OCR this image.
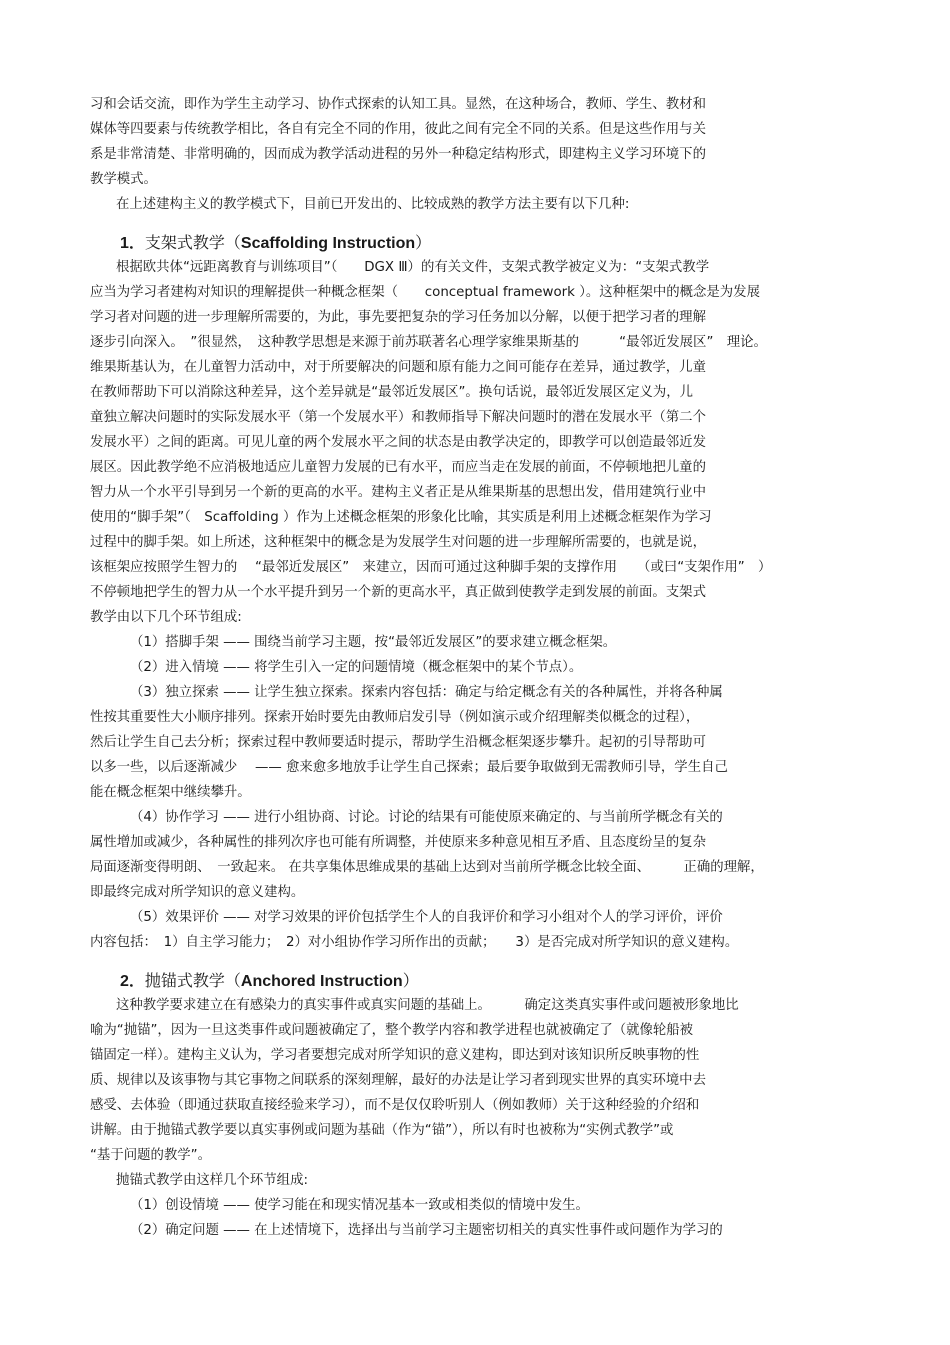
习和会话交流，即作为学生主动学习、协作式探索的认知工具。显然，在这种场合，教师、学生、教材和

媒体等四要素与传统教学相比，各自有完全不同的作用，彼此之间有完全不同的关系。但是这些作用与关

系是非常清楚、非常明确的，因而成为教学活动进程的另外一种稳定结构形式，即建构主义学习环境下的

教学模式。

在上述建构主义的教学模式下，目前已开发出的、比较成熟的教学方法主要有以下几种:

1．支架式教学（Scaffolding Instruction）

根据欧共体“远距离教育与训练项目”（　　DGX Ⅲ）的有关文件，支架式教学被定义为：“支架式教学

应当为学习者建构对知识的理解提供一种概念框架（　　conceptual framework ）。这种框架中的概念是为发展

学习者对问题的进一步理解所需要的，为此，事先要把复杂的学习任务加以分解，以便于把学习者的理解

逐步引向深入。　”很显然，　这种教学思想是来源于前苏联著名心理学家维果斯基的　　　“最邻近发展区”　理论。

维果斯基认为，在儿童智力活动中，对于所要解决的问题和原有能力之间可能存在差异，通过教学，儿童

在教师帮助下可以消除这种差异，这个差异就是“最邻近发展区”。换句话说，最邻近发展区定义为，儿

童独立解决问题时的实际发展水平（第一个发展水平）和教师指导下解决问题时的潜在发展水平（第二个

发展水平）之间的距离。可见儿童的两个发展水平之间的状态是由教学决定的，即教学可以创造最邻近发

展区。因此教学绝不应消极地适应儿童智力发展的已有水平，而应当走在发展的前面，不停顿地把儿童的

智力从一个水平引导到另一个新的更高的水平。建构主义者正是从维果斯基的思想出发，借用建筑行业中

使用的“脚手架”（　Scaffolding ）作为上述概念框架的形象化比喻，其实质是利用上述概念框架作为学习

过程中的脚手架。如上所述，这种框架中的概念是为发展学生对问题的进一步理解所需要的，也就是说，

该框架应按照学生智力的　 “最邻近发展区”　来建立，因而可通过这种脚手架的支撑作用　　（或曰“支架作用”　）

不停顿地把学生的智力从一个水平提升到另一个新的更高水平，真正做到使教学走到发展的前面。支架式

教学由以下几个环节组成:

（1）搭脚手架 —— 围绕当前学习主题，按“最邻近发展区”的要求建立概念框架。

（2）进入情境 —— 将学生引入一定的问题情境（概念框架中的某个节点）。

（3）独立探索 —— 让学生独立探索。探索内容包括：确定与给定概念有关的各种属性，并将各种属

性按其重要性大小顺序排列。探索开始时要先由教师启发引导（例如演示或介绍理解类似概念的过程），

然后让学生自己去分析；探索过程中教师要适时提示，帮助学生沿概念框架逐步攀升。起初的引导帮助可

以多一些，以后逐渐减少　 —— 愈来愈多地放手让学生自己探索；最后要争取做到无需教师引导，学生自己

能在概念框架中继续攀升。

（4）协作学习 —— 进行小组协商、讨论。讨论的结果有可能使原来确定的、与当前所学概念有关的

属性增加或减少，各种属性的排列次序也可能有所调整，并使原来多种意见相互矛盾、且态度纷呈的复杂

局面逐渐变得明朗、　一致起来。 在共享集体思维成果的基础上达到对当前所学概念比较全面、　　　正确的理解，

即最终完成对所学知识的意义建构。

（5）效果评价 —— 对学习效果的评价包括学生个人的自我评价和学习小组对个人的学习评价，评价

内容包括：　1）自主学习能力；　2）对小组协作学习所作出的贡献；　　3）是否完成对所学知识的意义建构。

2．抛锚式教学（Anchored Instruction）

这种教学要求建立在有感染力的真实事件或真实问题的基础上。　　　确定这类真实事件或问题被形象地比

喻为“抛锚”，因为一旦这类事件或问题被确定了，整个教学内容和教学进程也就被确定了（就像轮船被

锚固定一样）。建构主义认为，学习者要想完成对所学知识的意义建构，即达到对该知识所反映事物的性

质、规律以及该事物与其它事物之间联系的深刻理解，最好的办法是让学习者到现实世界的真实环境中去

感受、去体验（即通过获取直接经验来学习），而不是仅仅聆听别人（例如教师）关于这种经验的介绍和

讲解。由于抛锚式教学要以真实事例或问题为基础（作为“锚”），所以有时也被称为“实例式教学”或

“基于问题的教学”。

抛锚式教学由这样几个环节组成:

（1）创设情境 —— 使学习能在和现实情况基本一致或相类似的情境中发生。

（2）确定问题 —— 在上述情境下，选择出与当前学习主题密切相关的真实性事件或问题作为学习的
